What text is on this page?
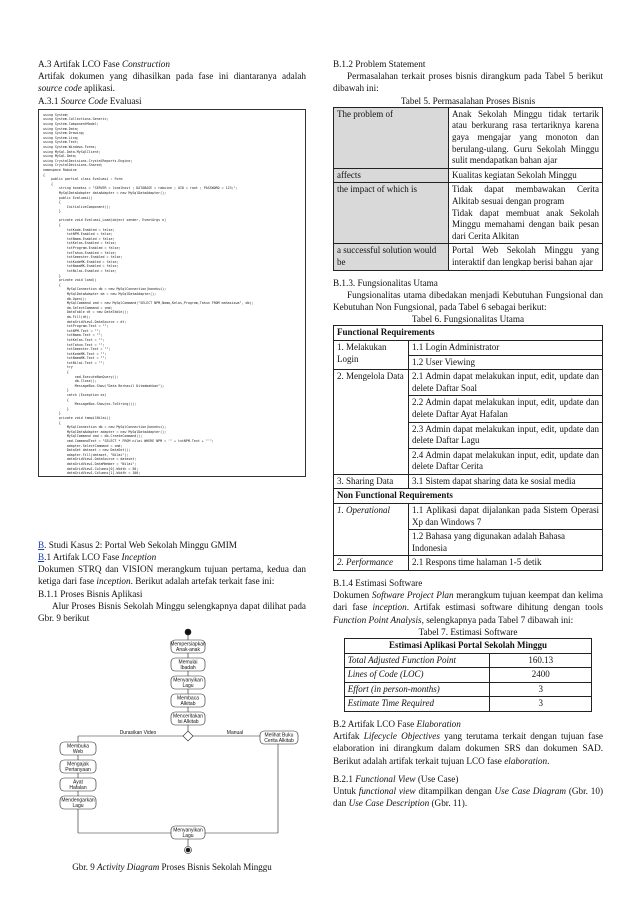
A.3 Artifak LCO Fase Construction

Artifak dokumen yang dihasilkan pada fase ini diantaranya adalah source code aplikasi.

A.3.1 Source Code Evaluasi

using System;
using System.Collections.Generic;
using System.ComponentModel;
using System.Data;
using System.Drawing;
using System.Linq;
using System.Text;
using System.Windows.Forms;
using MySql.Data.MySqlClient;
using MySql.Data;
using CrystalDecisions.CrystalReports.Engine;
using CrystalDecisions.Shared;
namespace Rabuine
{
public partial class Evaluasi : Form
{
string koneksi = "SERVER = localhost ; DATABASE = rabuine ; UID = root ; PASSWORD = 123;";
MySqlDataAdapter dataAdapter = new MySqlDataAdapter();
public Evaluasi()
{
InitializeComponent();
}

private void Evaluasi_Load(object sender, EventArgs e)
{
txtKode.Enabled = false;
txtNPM.Enabled = false;
txtNama.Enabled = false;
txtKelas.Enabled = false;
txtProgram.Enabled = false;
txtTahun.Enabled = false;
txtSemester.Enabled = false;
txtKodeMK.Enabled = false;
txtNamaMK.Enabled = false;
txtNilai.Enabled = false;
}
private void load()
{
MySqlConnection db = new MySqlConnection(koneksi);
MySqlDataAdapter da = new MySqlDataAdapter();
db.Open();
MySqlCommand cmd = new MySqlCommand("SELECT NPM,Nama,Kelas,Program,Tahun FROM mahasiswa", db);
da.SelectCommand = cmd;
DataTable dt = new DataTable();
da.Fill(dt);
dataGridView1.DataSource = dt;
txtProgram.Text = "";
txtNPM.Text = "";
txtNama.Text = "";
txtKelas.Text = "";
txtTahun.Text = "";
txtSemester.Text = "";
txtKodeMK.Text = "";
txtNamaMK.Text = "";
txtNilai.Text = "";
try
{
cmd.ExecuteNonQuery();
db.Close();
MessageBox.Show("Data Berhasil Ditambahkan");
}
catch (Exception ex)
{
MessageBox.Show(ex.ToString());
}
}
private void tampilNilai()
{
MySqlConnection db = new MySqlConnection(koneksi);
MySqlDataAdapter adapter = new MySqlDataAdapter();
MySqlCommand cmd = db.CreateCommand();
cmd.CommandText = "SELECT * FROM nilai WHERE NPM = '" + txtNPM.Text + "'";
adapter.SelectCommand = cmd;
DataSet dataset = new DataSet();
adapter.Fill(dataset, "Nilai");
dataGridView1.DataSource = dataset;
dataGridView1.DataMember = "Nilai";
dataGridView1.Columns[0].Width = 50;
dataGridView1.Columns[1].Width = 100;

B. Studi Kasus 2: Portal Web Sekolah Minggu GMIM

B.1 Artifak LCO Fase Inception

Dokumen STRQ dan VISION merangkum tujuan pertama, kedua dan ketiga dari fase inception. Berikut adalah artefak terkait fase ini:

B.1.1 Proses Bisnis Aplikasi

Alur Proses Bisnis Sekolah Minggu selengkapnya dapat dilihat pada Gbr. 9 berikut

Mempersiapkan
Anak-anak
Memulai
Ibadah
Menyanyikan
Lagu
Membaca
Alkitab
Menceritakan
Isi Alkitab
Durasikan Video	Manual	Melihat Buku
Cerita Alkitab
Membuka
Web
Mengajak
Pertanyaan
Ayat
Hafalan
Mendengarkan
Lagu
Menyanyikan
Lagu

Gbr. 9 Activity Diagram Proses Bisnis Sekolah Minggu

B.1.2 Problem Statement

Permasalahan terkait proses bisnis dirangkum pada Tabel 5 berikut dibawah ini:

Tabel 5. Permasalahan Proses Bisnis

The problem of	Anak Sekolah Minggu tidak tertarik atau berkurang rasa tertariknya karena gaya mengajar yang monoton dan berulang-ulang. Guru Sekolah Minggu sulit mendapatkan bahan ajar
affects	Kualitas kegiatan Sekolah Minggu
the impact of which is	Tidak dapat membawakan Cerita Alkitab sesuai dengan program
Tidak dapat membuat anak Sekolah Minggu memahami dengan baik pesan dari Cerita Alkitan
a successful solution would be	Portal Web Sekolah Minggu yang interaktif dan lengkap berisi bahan ajar

B.1.3. Fungsionalitas Utama

Fungsionalitas utama dibedakan menjadi Kebutuhan Fungsional dan Kebutuhan Non Fungsional, pada Tabel 6 sebagai berikut:

Tabel 6. Fungsionalitas Utama

Functional Requirements	
1. Melakukan Login	1.1 Login Administrator
	1.2 User Viewing
2. Mengelola Data	2.1 Admin dapat melakukan input, edit, update dan delete Daftar Soal
	2.2 Admin dapat melakukan input, edit, update dan delete Daftar Ayat Hafalan
	2.3 Admin dapat melakukan input, edit, update dan delete Daftar Lagu
	2.4 Admin dapat melakukan input, edit, update dan delete Daftar Cerita
3. Sharing Data	3.1 Sistem dapat sharing data ke sosial media
Non Functional Requirements	
1. Operational	1.1 Aplikasi dapat dijalankan pada Sistem Operasi Xp dan Windows 7
	1.2 Bahasa yang digunakan adalah Bahasa Indonesia
2. Performance	2.1 Respons time halaman 1-5 detik

B.1.4 Estimasi Software

Dokumen Software Project Plan merangkum tujuan keempat dan kelima dari fase inception. Artifak estimasi software dihitung dengan tools Function Point Analysis, selengkapnya pada Tabel 7 dibawah ini:

Tabel 7. Estimasi Software

Estimasi Aplikasi Portal Sekolah Minggu	
Total Adjusted Function Point	160.13
Lines of Code (LOC)	2400
Effort (in person-months)	3
Estimate Time Required	3

B.2 Artifak LCO Fase Elaboration

Artifak Lifecycle Objectives yang terutama terkait dengan tujuan fase elaboration ini dirangkum dalam dokumen SRS dan dokumen SAD. Berikut adalah artifak terkait tujuan LCO fase elaboration.

B.2.1 Functional View (Use Case)

Untuk functional view ditampilkan dengan Use Case Diagram (Gbr. 10) dan Use Case Description (Gbr. 11).
